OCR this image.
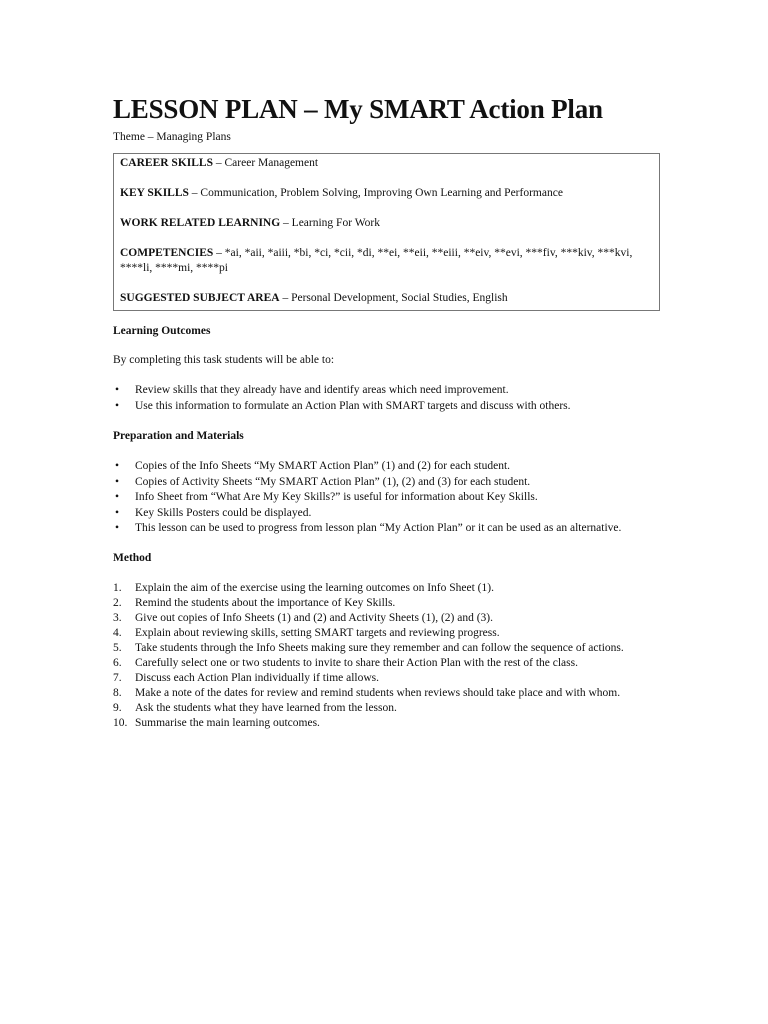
LESSON PLAN – My SMART Action Plan

Theme – Managing Plans

CAREER SKILLS – Career Management

KEY SKILLS – Communication, Problem Solving, Improving Own Learning and Performance

WORK RELATED LEARNING – Learning For Work

COMPETENCIES – *ai, *aii, *aiii, *bi, *ci, *cii, *di, **ei, **eii, **eiii, **eiv, **evi, ***fiv, ***kiv, ***kvi, ****li, ****mi, ****pi

SUGGESTED SUBJECT AREA – Personal Development, Social Studies, English

Learning Outcomes

By completing this task students will be able to:

• Review skills that they already have and identify areas which need improvement.
• Use this information to formulate an Action Plan with SMART targets and discuss with others.

Preparation and Materials

• Copies of the Info Sheets “My SMART Action Plan” (1) and (2) for each student.
• Copies of Activity Sheets “My SMART Action Plan” (1), (2) and (3) for each student.
• Info Sheet from “What Are My Key Skills?” is useful for information about Key Skills.
• Key Skills Posters could be displayed.
• This lesson can be used to progress from lesson plan “My Action Plan” or it can be used as an alternative.

Method

1. Explain the aim of the exercise using the learning outcomes on Info Sheet (1).
2. Remind the students about the importance of Key Skills.
3. Give out copies of Info Sheets (1) and (2) and Activity Sheets (1), (2) and (3).
4. Explain about reviewing skills, setting SMART targets and reviewing progress.
5. Take students through the Info Sheets making sure they remember and can follow the sequence of actions.
6. Carefully select one or two students to invite to share their Action Plan with the rest of the class.
7. Discuss each Action Plan individually if time allows.
8. Make a note of the dates for review and remind students when reviews should take place and with whom.
9. Ask the students what they have learned from the lesson.
10. Summarise the main learning outcomes.
